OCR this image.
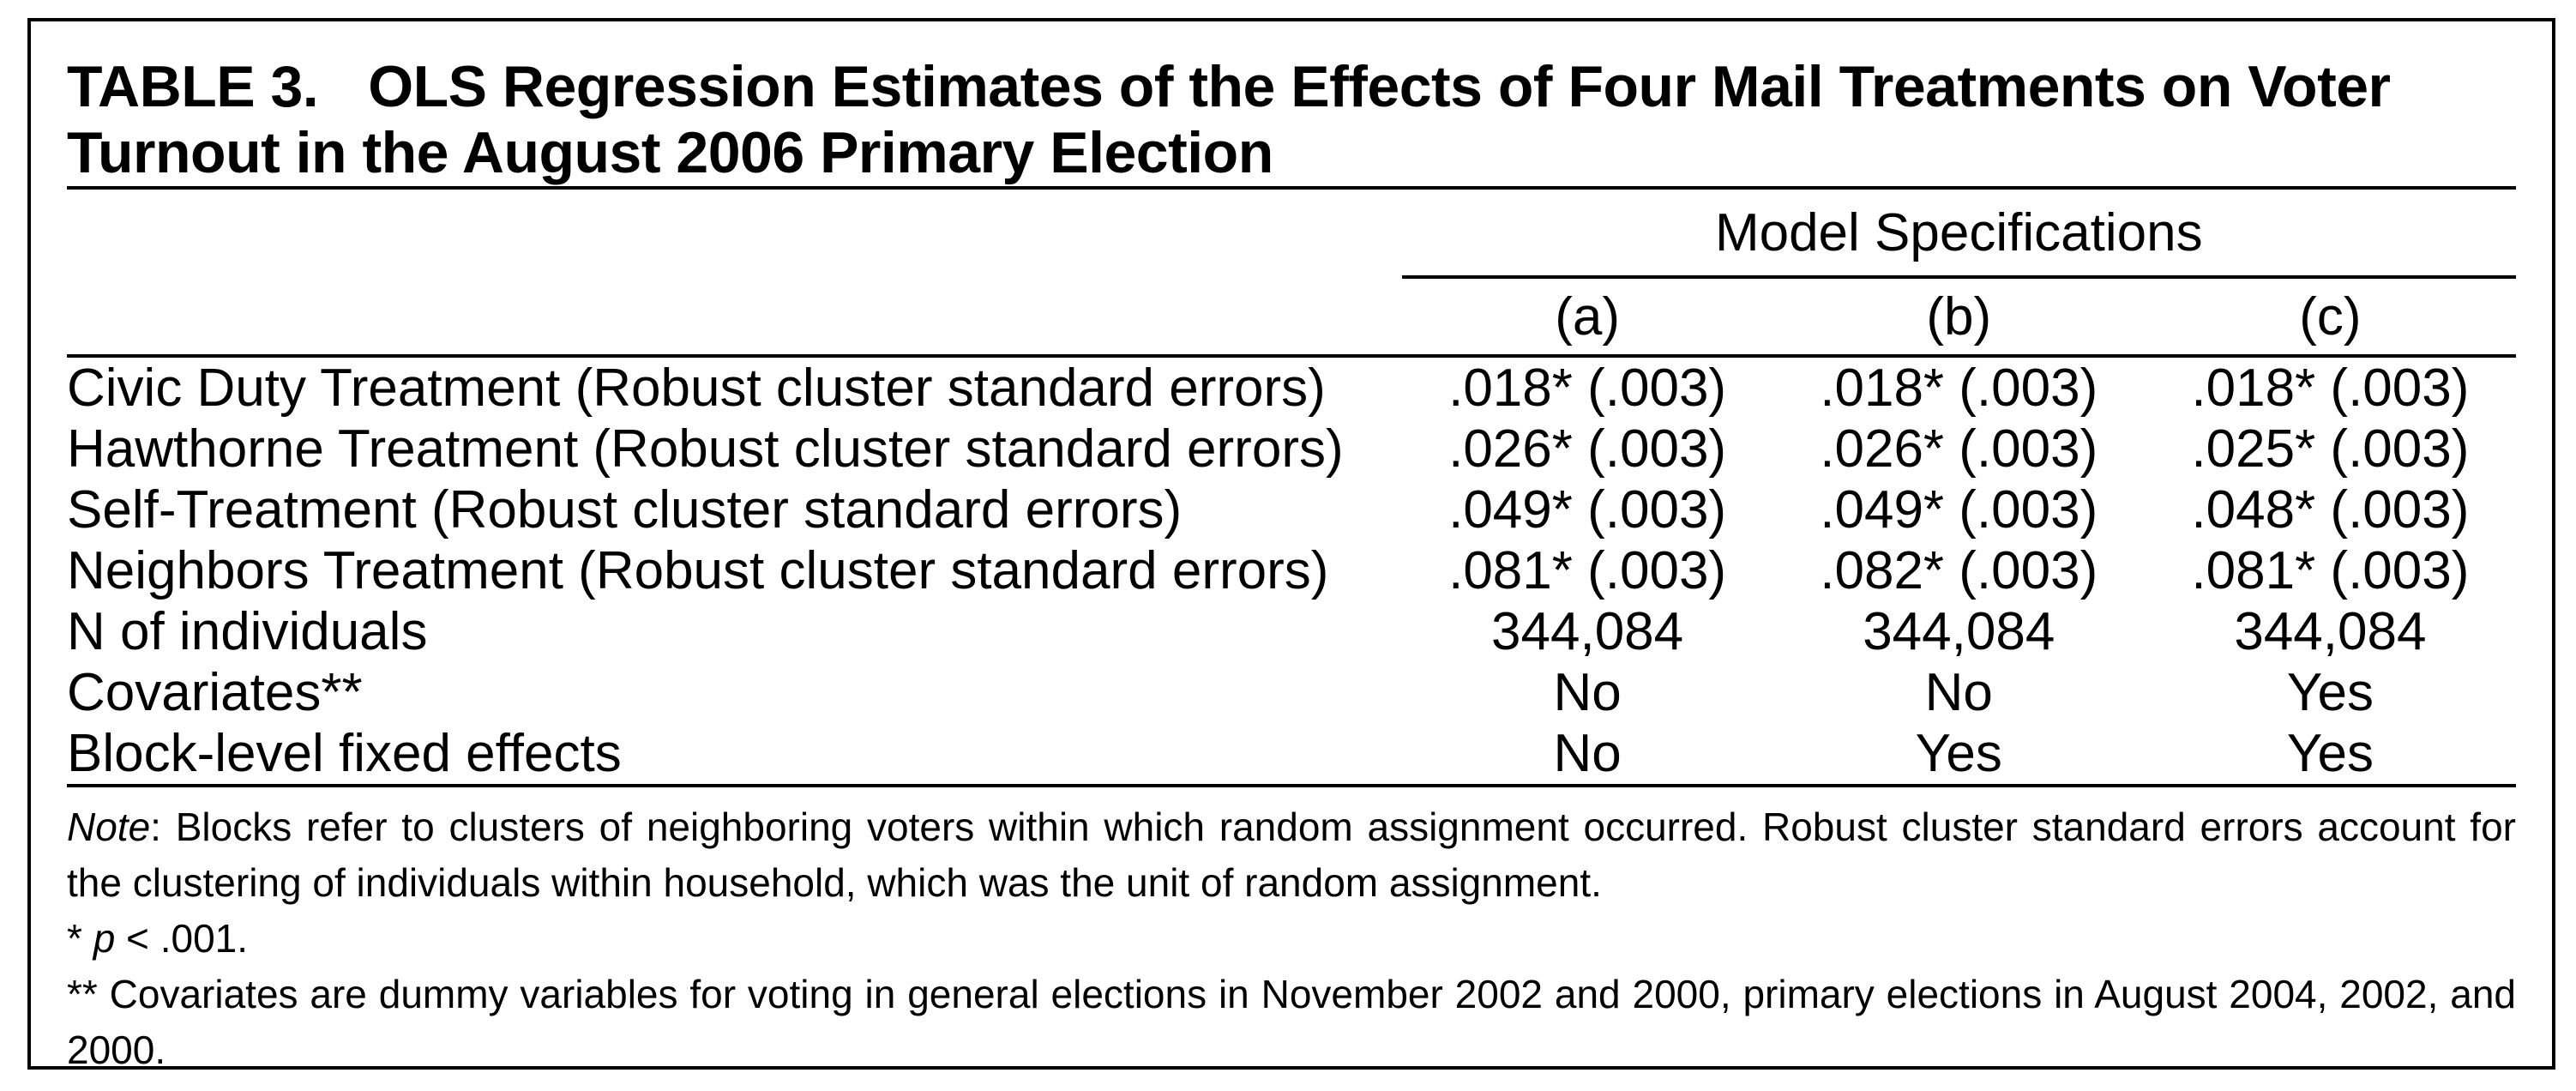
TABLE 3. OLS Regression Estimates of the Effects of Four Mail Treatments on Voter
Turnout in the August 2006 Primary Election
	Model Specifications		
	(a)	(b)	(c)
Civic Duty Treatment (Robust cluster standard errors)	.018* (.003)	.018* (.003)	.018* (.003)
Hawthorne Treatment (Robust cluster standard errors)	.026* (.003)	.026* (.003)	.025* (.003)
Self-Treatment (Robust cluster standard errors)	.049* (.003)	.049* (.003)	.048* (.003)
Neighbors Treatment (Robust cluster standard errors)	.081* (.003)	.082* (.003)	.081* (.003)
N of individuals	344,084	344,084	344,084
Covariates**	No	No	Yes
Block-level fixed effects	No	Yes	Yes

Note: Blocks refer to clusters of neighboring voters within which random assignment occurred. Robust cluster standard errors account for the clustering of individuals within household, which was the unit of random assignment.

* p < .001.

** Covariates are dummy variables for voting in general elections in November 2002 and 2000, primary elections in August 2004, 2002, and 2000.
